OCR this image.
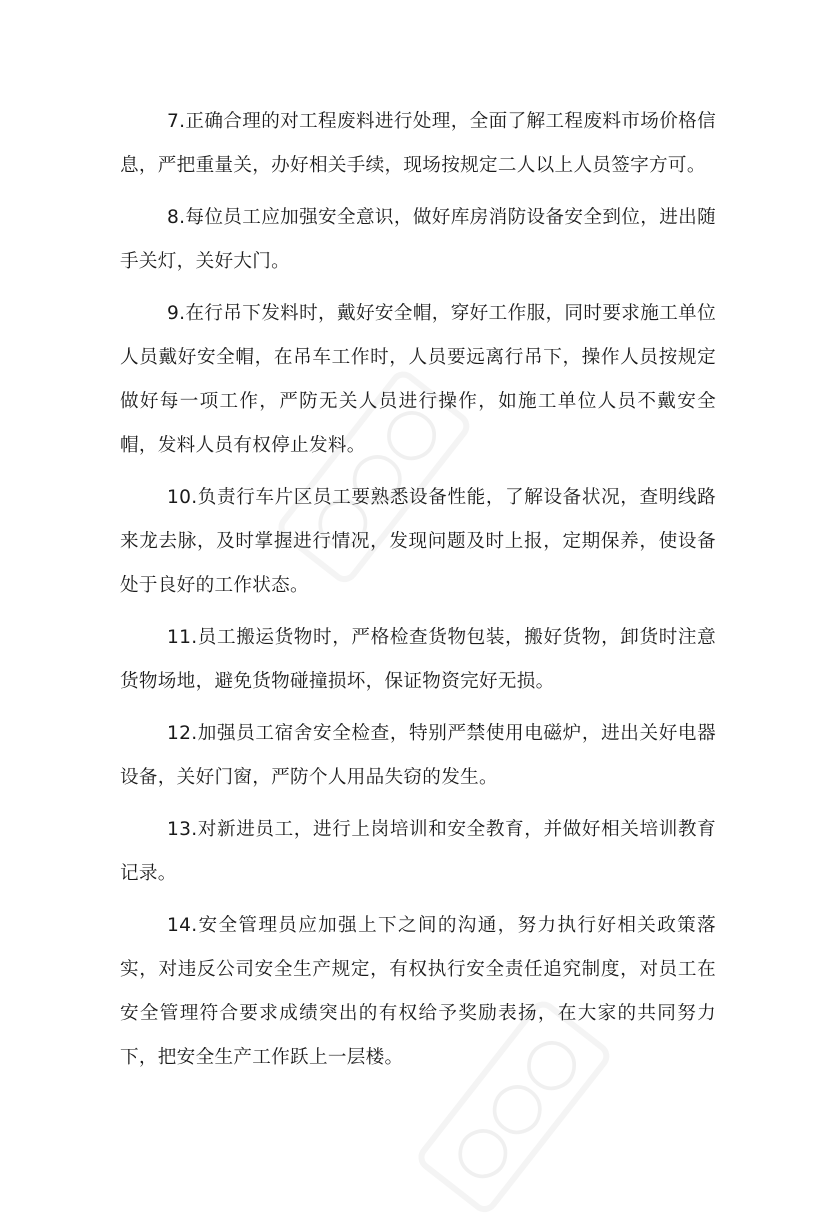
○○○
○○○

7.正确合理的对工程废料进行处理，全面了解工程废料市场价格信息，严把重量关，办好相关手续，现场按规定二人以上人员签字方可。

8.每位员工应加强安全意识，做好库房消防设备安全到位，进出随手关灯，关好大门。

9.在行吊下发料时，戴好安全帽，穿好工作服，同时要求施工单位人员戴好安全帽，在吊车工作时，人员要远离行吊下，操作人员按规定做好每一项工作，严防无关人员进行操作，如施工单位人员不戴安全帽，发料人员有权停止发料。

10.负责行车片区员工要熟悉设备性能，了解设备状况，查明线路来龙去脉，及时掌握进行情况，发现问题及时上报，定期保养，使设备处于良好的工作状态。

11.员工搬运货物时，严格检查货物包装，搬好货物，卸货时注意货物场地，避免货物碰撞损坏，保证物资完好无损。

12.加强员工宿舍安全检查，特别严禁使用电磁炉，进出关好电器设备，关好门窗，严防个人用品失窃的发生。

13.对新进员工，进行上岗培训和安全教育，并做好相关培训教育记录。

14.安全管理员应加强上下之间的沟通，努力执行好相关政策落实，对违反公司安全生产规定，有权执行安全责任追究制度，对员工在安全管理符合要求成绩突出的有权给予奖励表扬，在大家的共同努力下，把安全生产工作跃上一层楼。
